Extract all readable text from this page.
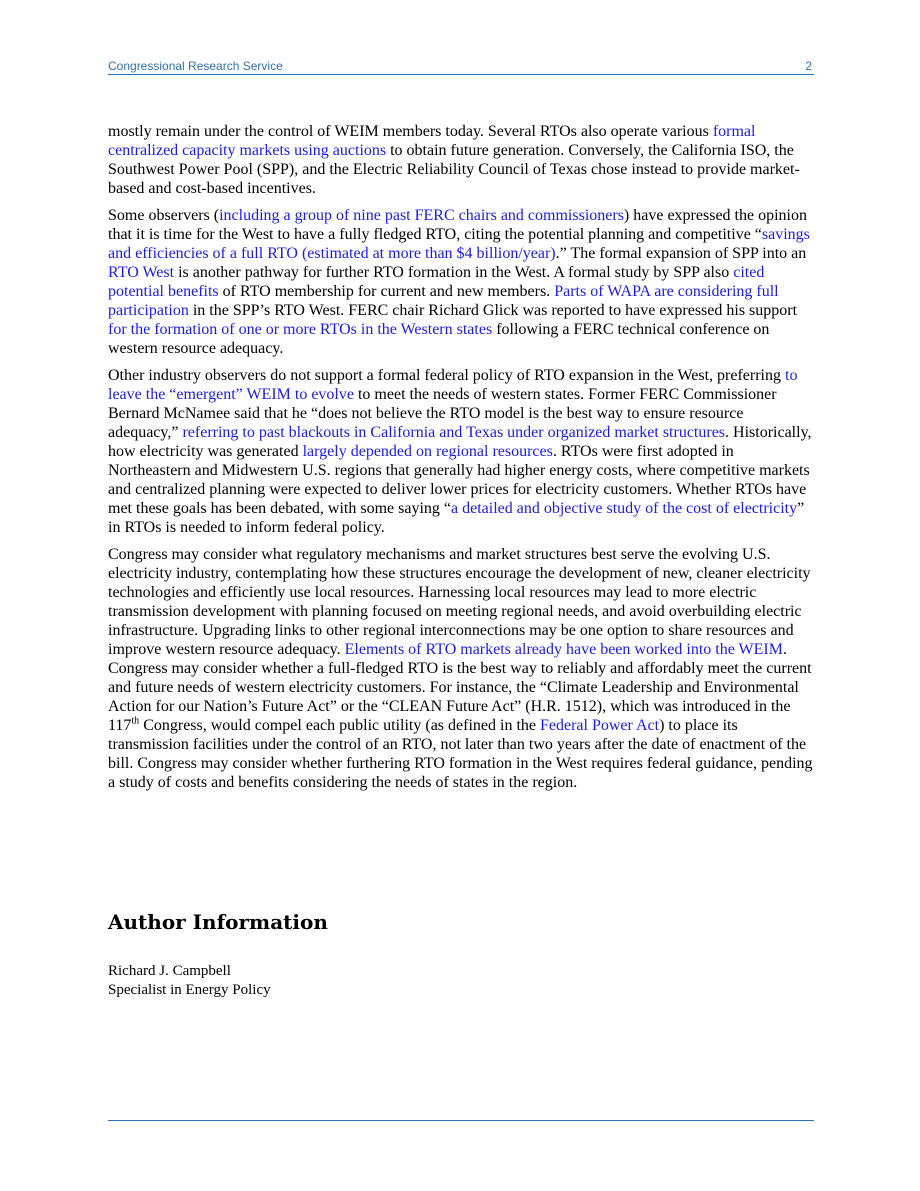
Congressional Research Service	2

mostly remain under the control of WEIM members today. Several RTOs also operate various formal centralized capacity markets using auctions to obtain future generation. Conversely, the California ISO, the Southwest Power Pool (SPP), and the Electric Reliability Council of Texas chose instead to provide market-based and cost-based incentives.

Some observers (including a group of nine past FERC chairs and commissioners) have expressed the opinion that it is time for the West to have a fully fledged RTO, citing the potential planning and competitive “savings and efficiencies of a full RTO (estimated at more than $4 billion/year).” The formal expansion of SPP into an RTO West is another pathway for further RTO formation in the West. A formal study by SPP also cited potential benefits of RTO membership for current and new members. Parts of WAPA are considering full participation in the SPP’s RTO West. FERC chair Richard Glick was reported to have expressed his support for the formation of one or more RTOs in the Western states following a FERC technical conference on western resource adequacy.

Other industry observers do not support a formal federal policy of RTO expansion in the West, preferring to leave the “emergent” WEIM to evolve to meet the needs of western states. Former FERC Commissioner Bernard McNamee said that he “does not believe the RTO model is the best way to ensure resource adequacy,” referring to past blackouts in California and Texas under organized market structures. Historically, how electricity was generated largely depended on regional resources. RTOs were first adopted in Northeastern and Midwestern U.S. regions that generally had higher energy costs, where competitive markets and centralized planning were expected to deliver lower prices for electricity customers. Whether RTOs have met these goals has been debated, with some saying “a detailed and objective study of the cost of electricity” in RTOs is needed to inform federal policy.

Congress may consider what regulatory mechanisms and market structures best serve the evolving U.S. electricity industry, contemplating how these structures encourage the development of new, cleaner electricity technologies and efficiently use local resources. Harnessing local resources may lead to more electric transmission development with planning focused on meeting regional needs, and avoid overbuilding electric infrastructure. Upgrading links to other regional interconnections may be one option to share resources and improve western resource adequacy. Elements of RTO markets already have been worked into the WEIM. Congress may consider whether a full-fledged RTO is the best way to reliably and affordably meet the current and future needs of western electricity customers. For instance, the “Climate Leadership and Environmental Action for our Nation’s Future Act” or the “CLEAN Future Act” (H.R. 1512), which was introduced in the 117th Congress, would compel each public utility (as defined in the Federal Power Act) to place its transmission facilities under the control of an RTO, not later than two years after the date of enactment of the bill. Congress may consider whether furthering RTO formation in the West requires federal guidance, pending a study of costs and benefits considering the needs of states in the region.

Author Information
Richard J. Campbell
Specialist in Energy Policy
